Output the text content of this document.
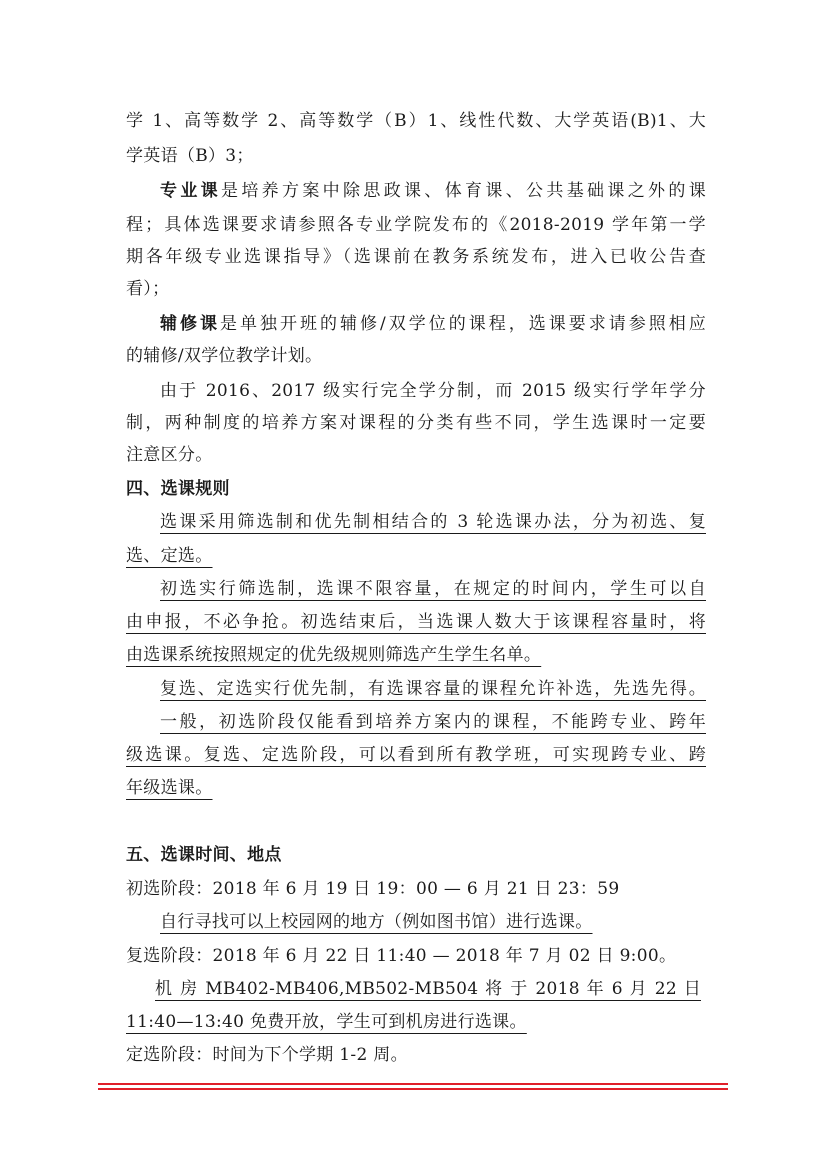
学 1、高等数学 2、高等数学（B）1、线性代数、大学英语(B)1、大
学英语（B）3；
专业课是培养方案中除思政课、体育课、公共基础课之外的课
程；具体选课要求请参照各专业学院发布的《2018-2019 学年第一学
期各年级专业选课指导》（选课前在教务系统发布，进入已收公告查
看）；
辅修课是单独开班的辅修/双学位的课程，选课要求请参照相应
的辅修/双学位教学计划。
由于 2016、2017 级实行完全学分制，而 2015 级实行学年学分
制，两种制度的培养方案对课程的分类有些不同，学生选课时一定要
注意区分。
四、选课规则
选课采用筛选制和优先制相结合的 3 轮选课办法，分为初选、复
选、定选。
初选实行筛选制，选课不限容量，在规定的时间内，学生可以自
由申报，不必争抢。初选结束后，当选课人数大于该课程容量时，将
由选课系统按照规定的优先级规则筛选产生学生名单。
复选、定选实行优先制，有选课容量的课程允许补选，先选先得。
一般，初选阶段仅能看到培养方案内的课程，不能跨专业、跨年
级选课。复选、定选阶段，可以看到所有教学班，可实现跨专业、跨
年级选课。
五、选课时间、地点
初选阶段：2018 年 6 月 19 日 19：00 — 6 月 21 日 23：59
自行寻找可以上校园网的地方（例如图书馆）进行选课。
复选阶段：2018 年 6 月 22 日 11:40 — 2018 年 7 月 02 日 9:00。
机 房 MB402-MB406,MB502-MB504 将 于 2018 年 6 月 22 日
11:40—13:40 免费开放，学生可到机房进行选课。
定选阶段：时间为下个学期 1-2 周。
